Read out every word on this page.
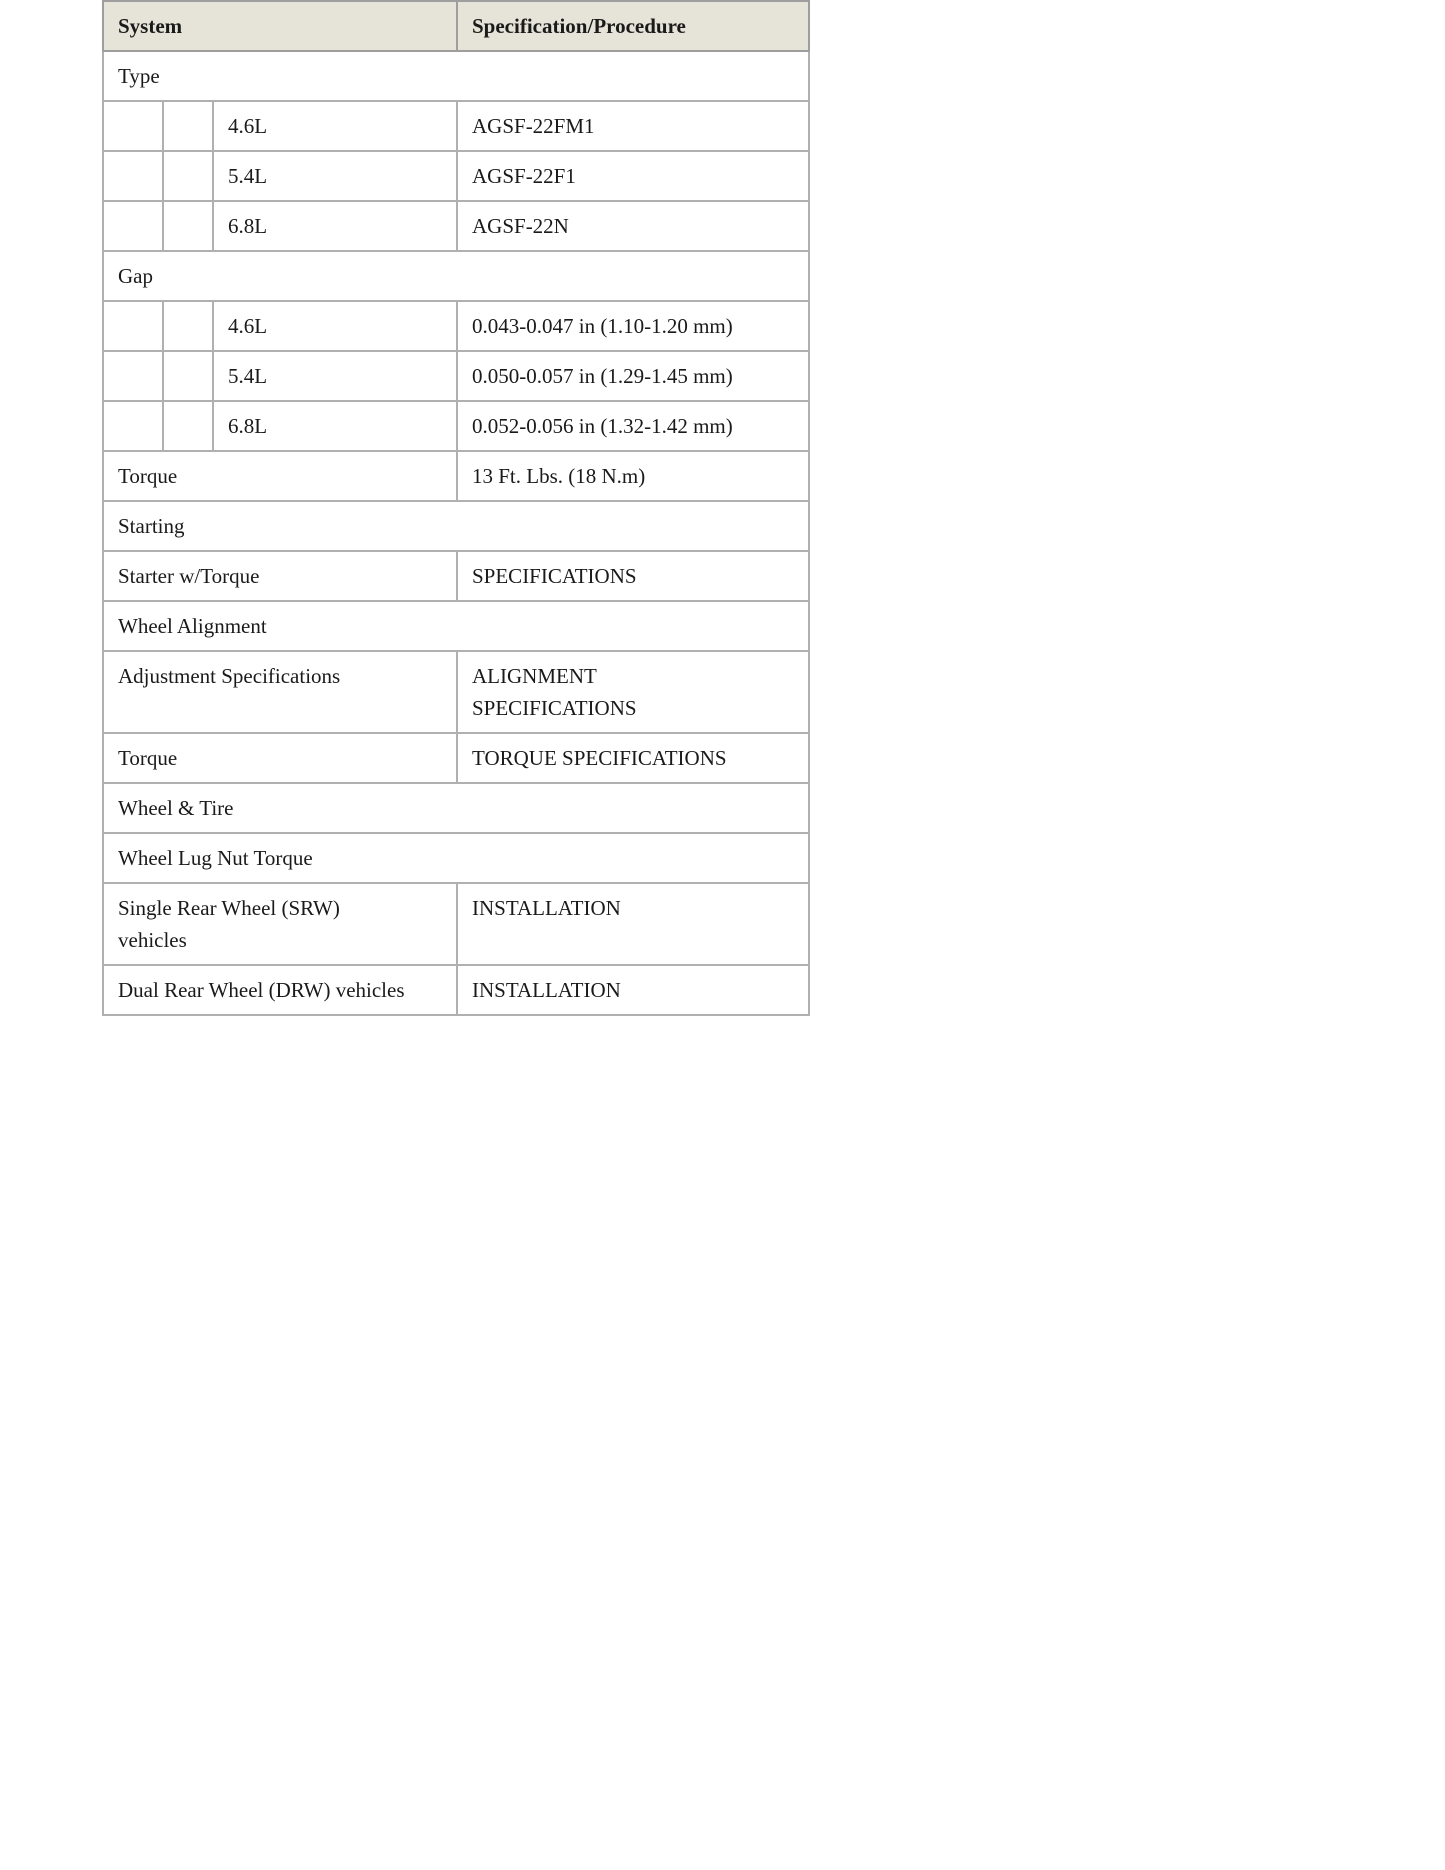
System			Specification/Procedure
Type			
		4.6L	AGSF-22FM1
		5.4L	AGSF-22F1
		6.8L	AGSF-22N
Gap			
		4.6L	0.043-0.047 in (1.10-1.20 mm)
		5.4L	0.050-0.057 in (1.29-1.45 mm)
		6.8L	0.052-0.056 in (1.32-1.42 mm)
Torque			13 Ft. Lbs. (18 N.m)
Starting			
Starter w/Torque			SPECIFICATIONS
Wheel Alignment			
Adjustment Specifications			ALIGNMENT SPECIFICATIONS
Torque			TORQUE SPECIFICATIONS
Wheel & Tire			
Wheel Lug Nut Torque			
Single Rear Wheel (SRW) vehicles			INSTALLATION
Dual Rear Wheel (DRW) vehicles			INSTALLATION
